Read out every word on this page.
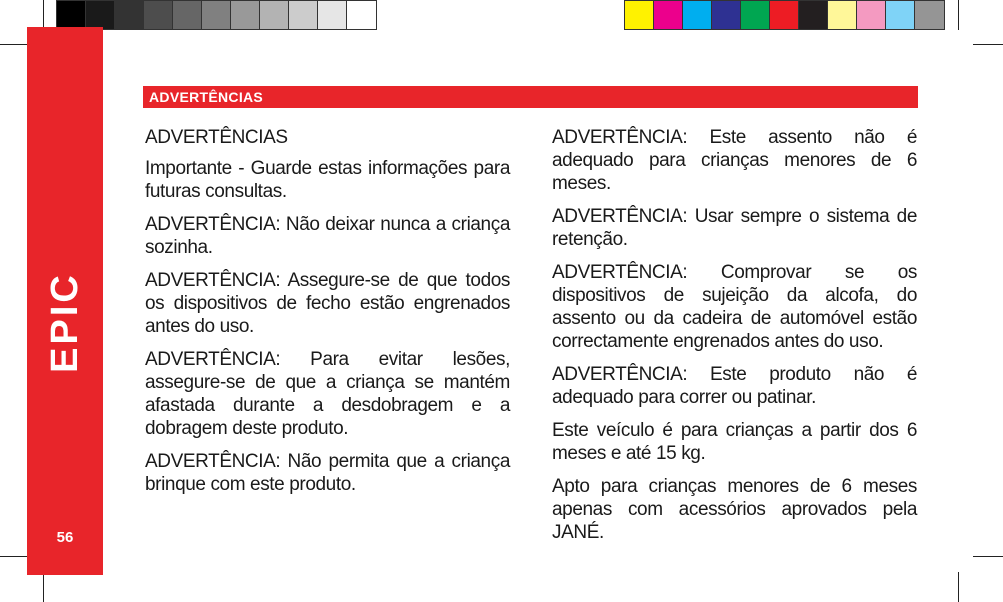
EPIC
56
ADVERTÊNCIAS

ADVERTÊNCIAS

Importante - Guarde estas informações para futuras consultas.

ADVERTÊNCIA: Não deixar nunca a criança sozinha.

ADVERTÊNCIA: Assegure-se de que todos os dispositivos de fecho estão engrenados antes do uso.

ADVERTÊNCIA: Para evitar lesões, assegure-se de que a criança se mantém afastada durante a desdobragem e a dobragem deste produto.

ADVERTÊNCIA: Não permita que a criança brinque com este produto.

ADVERTÊNCIA: Este assento não é adequado para crianças menores de 6 meses.

ADVERTÊNCIA: Usar sempre o sistema de retenção.

ADVERTÊNCIA: Comprovar se os dispositivos de sujeição da alcofa, do assento ou da cadeira de automóvel estão correctamente engrenados antes do uso.

ADVERTÊNCIA: Este produto não é adequado para correr ou patinar.

Este veículo é para crianças a partir dos 6 meses e até 15 kg.

Apto para crianças menores de 6 meses apenas com acessórios aprovados pela JANÉ.
